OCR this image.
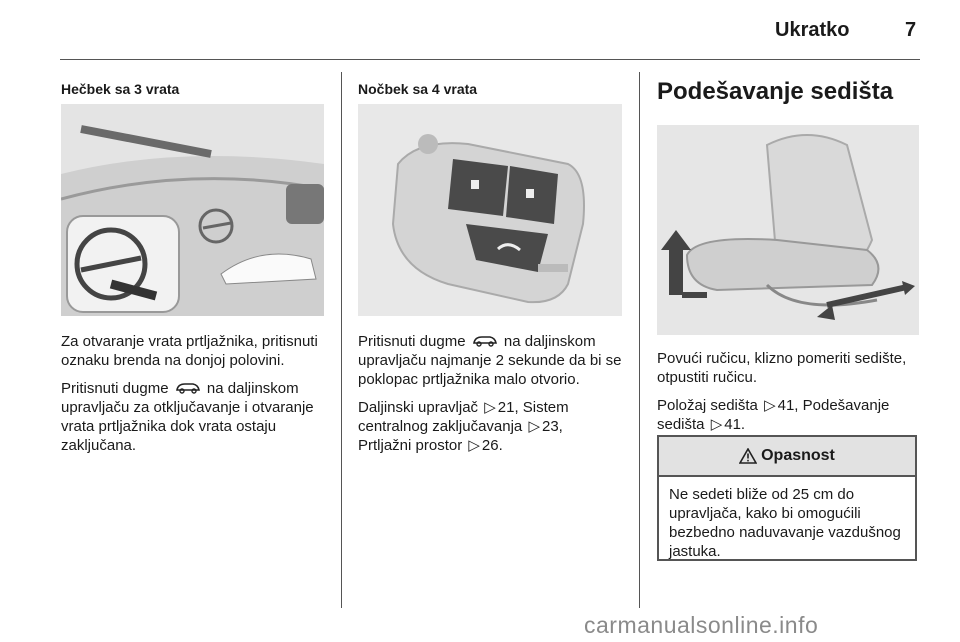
Ukratko	7
Hečbek sa 3 vrata

Za otvaranje vrata prtljažnika, pritisnuti oznaku brenda na donjoj polovini.

Pritisnuti dugme	na daljinskom upravljaču za otključavanje i otvaranje vrata prtljažnika dok vrata ostaju zaključana.

Nočbek sa 4 vrata

Pritisnuti dugme	na daljinskom upravljaču najmanje 2 sekunde da bi se poklopac prtljažnika malo otvorio.

Daljinski upravljač ▷ 21, Sistem
centralnog zaključavanja ▷ 23,
Prtljažni prostor ▷ 26.

Podešavanje sedišta

Povući ručicu, klizno pomeriti sedište, otpustiti ručicu.

Položaj sedišta ▷ 41, Podešavanje
sedišta ▷ 41.

Opasnost
Ne sedeti bliže od 25 cm do upravljača, kako bi omogućili bezbedno naduvavanje vazdušnog jastuka.
carmanualsonline.info
